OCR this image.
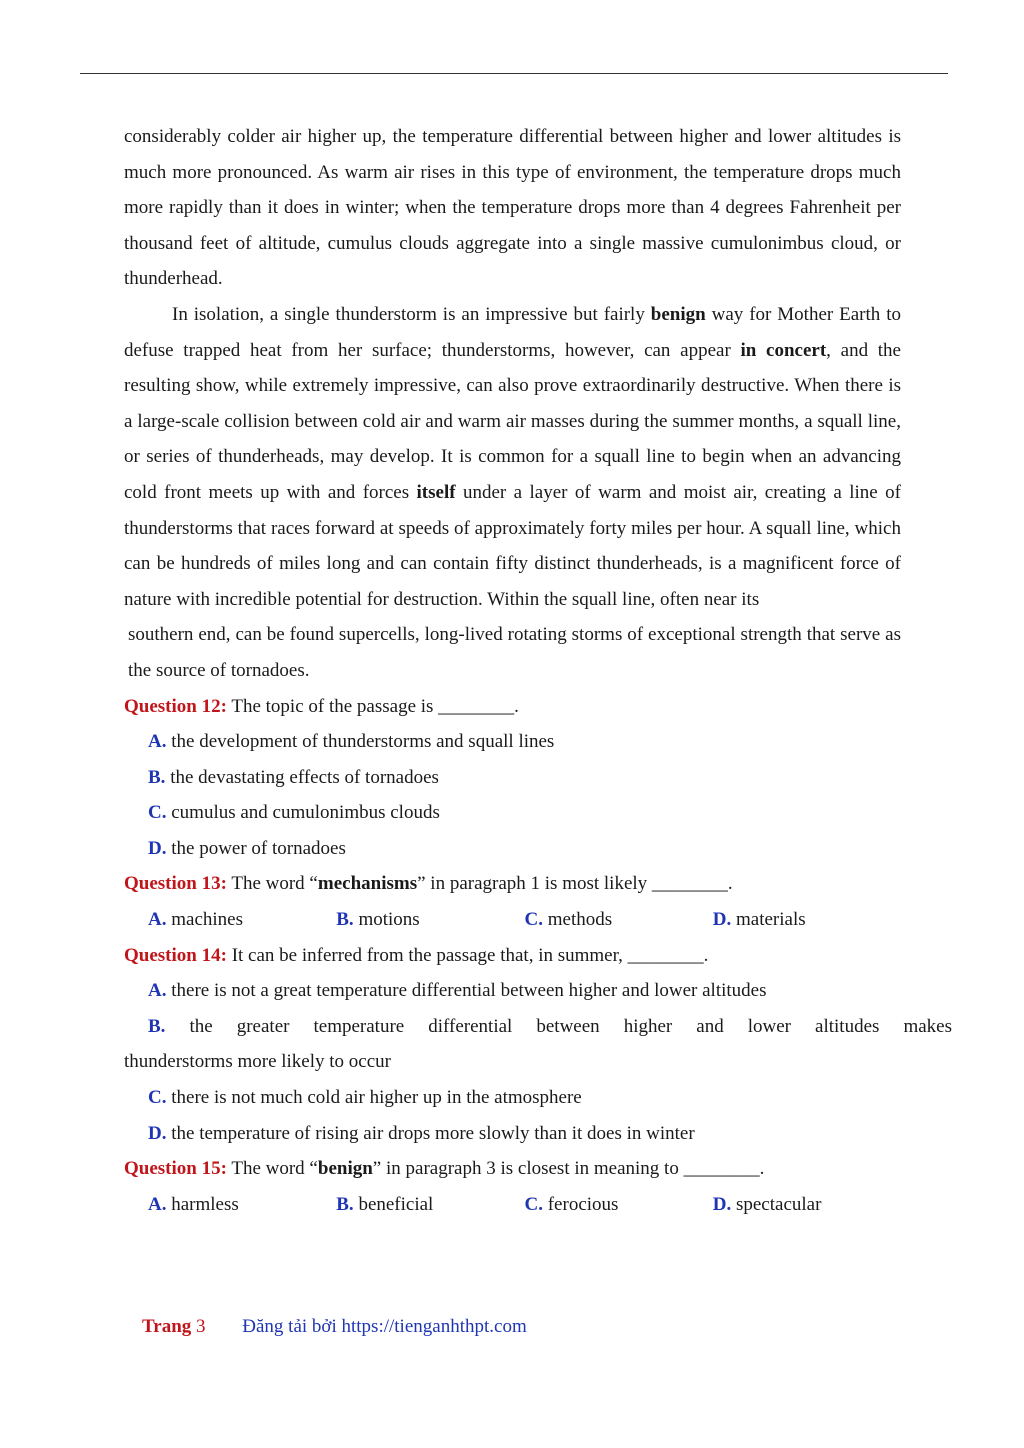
considerably colder air higher up, the temperature differential between higher and lower altitudes is much more pronounced. As warm air rises in this type of environment, the temperature drops much more rapidly than it does in winter; when the temperature drops more than 4 degrees Fahrenheit per thousand feet of altitude, cumulus clouds aggregate into a single massive cumulonimbus cloud, or thunderhead.

In isolation, a single thunderstorm is an impressive but fairly benign way for Mother Earth to defuse trapped heat from her surface; thunderstorms, however, can appear in concert, and the resulting show, while extremely impressive, can also prove extraordinarily destructive. When there is a large-scale collision between cold air and warm air masses during the summer months, a squall line, or series of thunderheads, may develop. It is common for a squall line to begin when an advancing cold front meets up with and forces itself under a layer of warm and moist air, creating a line of thunderstorms that races forward at speeds of approximately forty miles per hour. A squall line, which can be hundreds of miles long and can contain fifty distinct thunderheads, is a magnificent force of nature with incredible potential for destruction. Within the squall line, often near its

southern end, can be found supercells, long-lived rotating storms of exceptional strength that serve as the source of tornadoes.

Question 12: The topic of the passage is ________.

A. the development of thunderstorms and squall lines

B. the devastating effects of tornadoes

C. cumulus and cumulonimbus clouds

D. the power of tornadoes

Question 13: The word “mechanisms” in paragraph 1 is most likely ________.

A. machines	B. motions	C. methods	D. materials

Question 14: It can be inferred from the passage that, in summer, ________.

A. there is not a great temperature differential between higher and lower altitudes

B. the greater temperature differential between higher and lower altitudes makes

thunderstorms more likely to occur

C. there is not much cold air higher up in the atmosphere

D. the temperature of rising air drops more slowly than it does in winter

Question 15: The word “benign” in paragraph 3 is closest in meaning to ________.

A. harmless	B. beneficial	C. ferocious	D. spectacular
Trang 3 Đăng tải bởi https://tienganhthpt.com
